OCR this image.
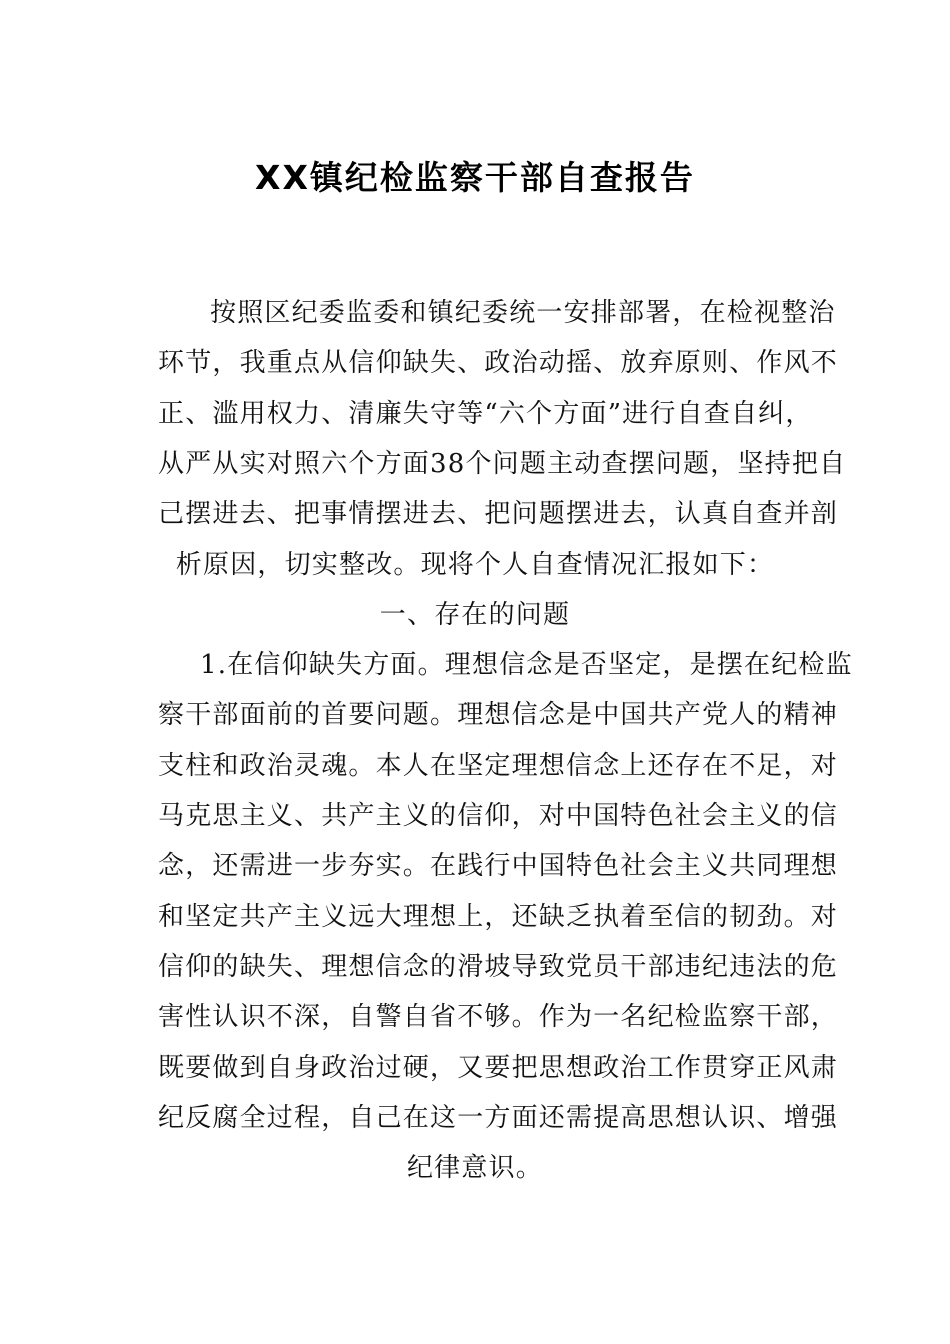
XX镇纪检监察干部自查报告
按照区纪委监委和镇纪委统一安排部署，在检视整治
环节，我重点从信仰缺失、政治动摇、放弃原则、作风不
正、滥用权力、清廉失守等“六个方面”进行自查自纠，
从严从实对照六个方面38个问题主动查摆问题，坚持把自
己摆进去、把事情摆进去、把问题摆进去，认真自查并剖
析原因，切实整改。现将个人自查情况汇报如下：
一、存在的问题
1.在信仰缺失方面。理想信念是否坚定，是摆在纪检监
察干部面前的首要问题。理想信念是中国共产党人的精神
支柱和政治灵魂。本人在坚定理想信念上还存在不足，对
马克思主义、共产主义的信仰，对中国特色社会主义的信
念，还需进一步夯实。在践行中国特色社会主义共同理想
和坚定共产主义远大理想上，还缺乏执着至信的韧劲。对
信仰的缺失、理想信念的滑坡导致党员干部违纪违法的危
害性认识不深，自警自省不够。作为一名纪检监察干部，
既要做到自身政治过硬，又要把思想政治工作贯穿正风肃
纪反腐全过程，自己在这一方面还需提高思想认识、增强
纪律意识。
